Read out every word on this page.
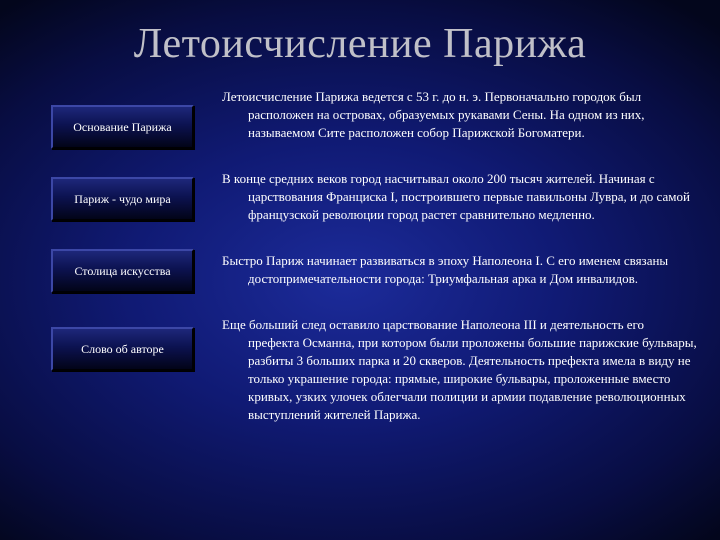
Летоисчисление Парижа
Основание Парижа
Париж - чудо мира
Столица искусства
Слово об авторе

Летоисчисление Парижа ведется с 53 г. до н. э. Первоначально городок был расположен на островах, образуемых рукавами Сены. На одном из них, называемом Сите расположен собор Парижской Богоматери.

В конце средних веков город насчитывал около 200 тысяч жителей. Начиная с царствования Франциска I, построившего первые павильоны Лувра, и до самой французской революции город растет сравнительно медленно.

Быстро Париж начинает развиваться в эпоху Наполеона I. С его именем связаны достопримечательности города: Триумфальная арка и Дом инвалидов.

Еще больший след оставило царствование Наполеона III и деятельность его префекта Османна, при котором были проложены большие парижские бульвары, разбиты 3 больших парка и 20 скверов. Деятельность префекта имела в виду не только украшение города: прямые, широкие бульвары, проложенные вместо кривых, узких улочек облегчали полиции и армии подавление революционных выступлений жителей Парижа.
